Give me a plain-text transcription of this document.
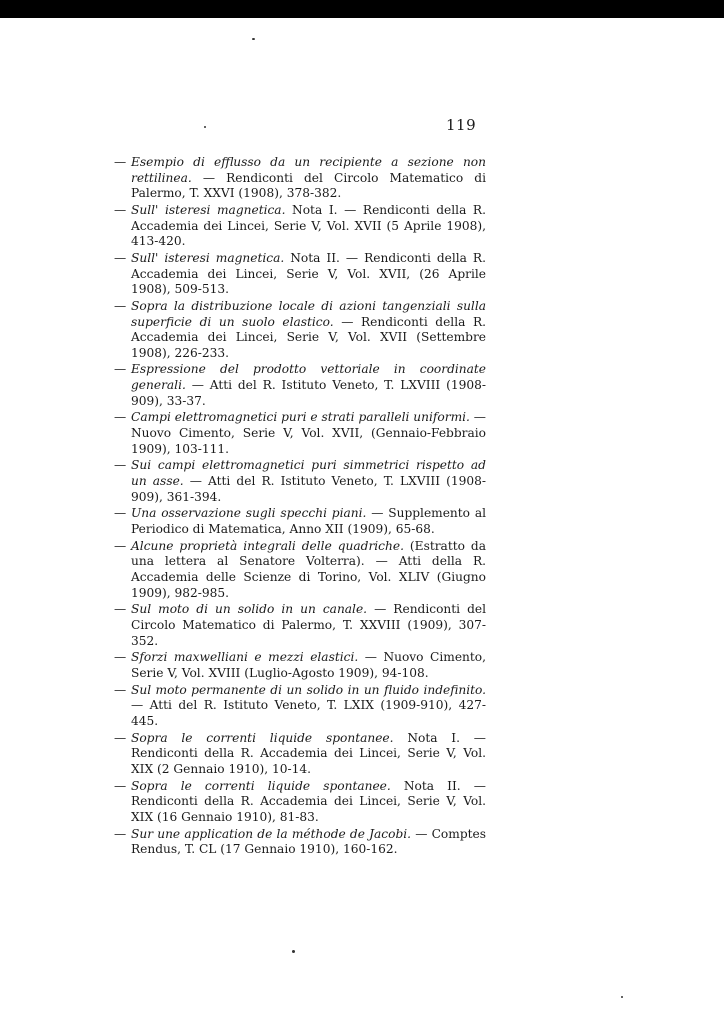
119
— Esempio di efflusso da un recipiente a sezione non rettilinea. — Rendiconti del Circolo Matematico di Palermo, T. XXVI (1908), 378-382.
— Sull' isteresi magnetica. Nota I. — Rendiconti della R. Accademia dei Lincei, Serie V, Vol. XVII (5 Aprile 1908), 413-420.
— Sull' isteresi magnetica. Nota II. — Rendiconti della R. Accademia dei Lincei, Serie V, Vol. XVII, (26 Aprile 1908), 509-513.
— Sopra la distribuzione locale di azioni tangenziali sulla superficie di un suolo elastico. — Rendiconti della R. Accademia dei Lincei, Serie V, Vol. XVII (Settembre 1908), 226-233.
— Espressione del prodotto vettoriale in coordinate generali. — Atti del R. Istituto Veneto, T. LXVIII (1908-909), 33-37.
— Campi elettromagnetici puri e strati paralleli uniformi. — Nuovo Cimento, Serie V, Vol. XVII, (Gennaio-Febbraio 1909), 103-111.
— Sui campi elettromagnetici puri simmetrici rispetto ad un asse. — Atti del R. Istituto Veneto, T. LXVIII (1908-909), 361-394.
— Una osservazione sugli specchi piani. — Supplemento al Periodico di Matematica, Anno XII (1909), 65-68.
— Alcune proprietà integrali delle quadriche. (Estratto da una lettera al Senatore Volterra). — Atti della R. Accademia delle Scienze di Torino, Vol. XLIV (Giugno 1909), 982-985.
— Sul moto di un solido in un canale. — Rendiconti del Circolo Matematico di Palermo, T. XXVIII (1909), 307-352.
— Sforzi maxwelliani e mezzi elastici. — Nuovo Cimento, Serie V, Vol. XVIII (Luglio-Agosto 1909), 94-108.
— Sul moto permanente di un solido in un fluido indefinito. — Atti del R. Istituto Veneto, T. LXIX (1909-910), 427-445.
— Sopra le correnti liquide spontanee. Nota I. — Rendiconti della R. Accademia dei Lincei, Serie V, Vol. XIX (2 Gennaio 1910), 10-14.
— Sopra le correnti liquide spontanee. Nota II. — Rendiconti della R. Accademia dei Lincei, Serie V, Vol. XIX (16 Gennaio 1910), 81-83.
— Sur une application de la méthode de Jacobi. — Comptes Rendus, T. CL (17 Gennaio 1910), 160-162.
